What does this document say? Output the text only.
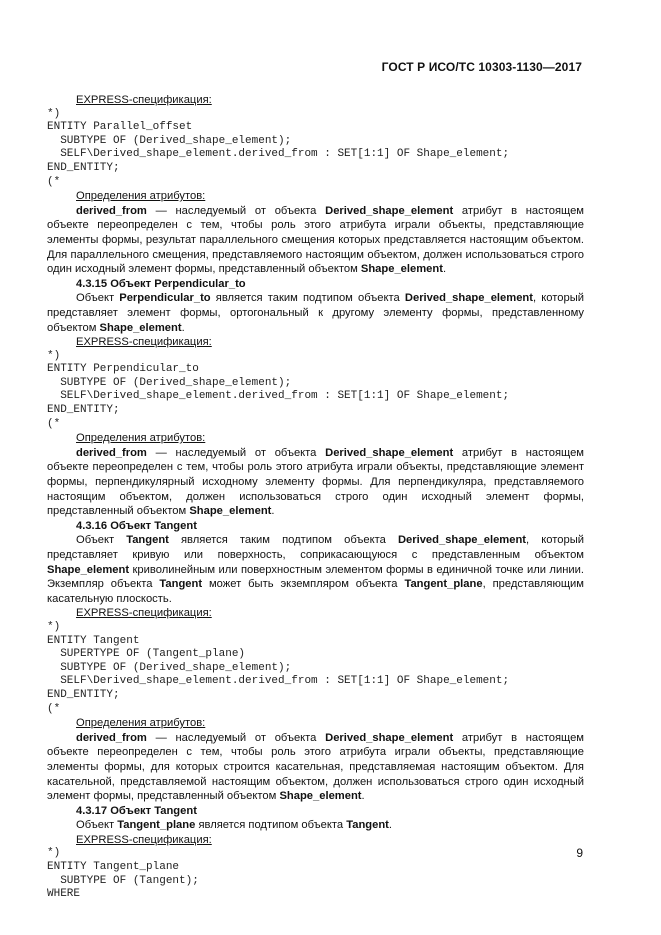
ГОСТ Р ИСО/ТС 10303-1130—2017

EXPRESS-спецификация:

*)
ENTITY Parallel_offset
SUBTYPE OF (Derived_shape_element);
SELF\Derived_shape_element.derived_from : SET[1:1] OF Shape_element;
END_ENTITY;
(*

Определения атрибутов:

derived_from — наследуемый от объекта Derived_shape_element атрибут в настоящем объекте переопределен с тем, чтобы роль этого атрибута играли объекты, представляющие элементы формы, результат параллельного смещения которых представляется настоящим объектом. Для параллельного смещения, представляемого настоящим объектом, должен использоваться строго один исходный элемент формы, представленный объектом Shape_element.

4.3.15 Объект Perpendicular_to

Объект Perpendicular_to является таким подтипом объекта Derived_shape_element, который представляет элемент формы, ортогональный к другому элементу формы, представленному объектом Shape_element.

EXPRESS-спецификация:

*)
ENTITY Perpendicular_to
SUBTYPE OF (Derived_shape_element);
SELF\Derived_shape_element.derived_from : SET[1:1] OF Shape_element;
END_ENTITY;
(*

Определения атрибутов:

derived_from — наследуемый от объекта Derived_shape_element атрибут в настоящем объекте переопределен с тем, чтобы роль этого атрибута играли объекты, представляющие элемент формы, перпендикулярный исходному элементу формы. Для перпендикуляра, представляемого настоящим объектом, должен использоваться строго один исходный элемент формы, представленный объектом Shape_element.

4.3.16 Объект Tangent

Объект Tangent является таким подтипом объекта Derived_shape_element, который представляет кривую или поверхность, соприкасающуюся с представленным объектом Shape_element криволинейным или поверхностным элементом формы в единичной точке или линии. Экземпляр объекта Tangent может быть экземпляром объекта Tangent_plane, представляющим касательную плоскость.

EXPRESS-спецификация:

*)
ENTITY Tangent
SUPERTYPE OF (Tangent_plane)
SUBTYPE OF (Derived_shape_element);
SELF\Derived_shape_element.derived_from : SET[1:1] OF Shape_element;
END_ENTITY;
(*

Определения атрибутов:

derived_from — наследуемый от объекта Derived_shape_element атрибут в настоящем объекте переопределен с тем, чтобы роль этого атрибута играли объекты, представляющие элементы формы, для которых строится касательная, представляемая настоящим объектом. Для касательной, представляемой настоящим объектом, должен использоваться строго один исходный элемент формы, представленный объектом Shape_element.

4.3.17 Объект Tangent

Объект Tangent_plane является подтипом объекта Tangent.

EXPRESS-спецификация:

*)
ENTITY Tangent_plane
SUBTYPE OF (Tangent);
WHERE
9
